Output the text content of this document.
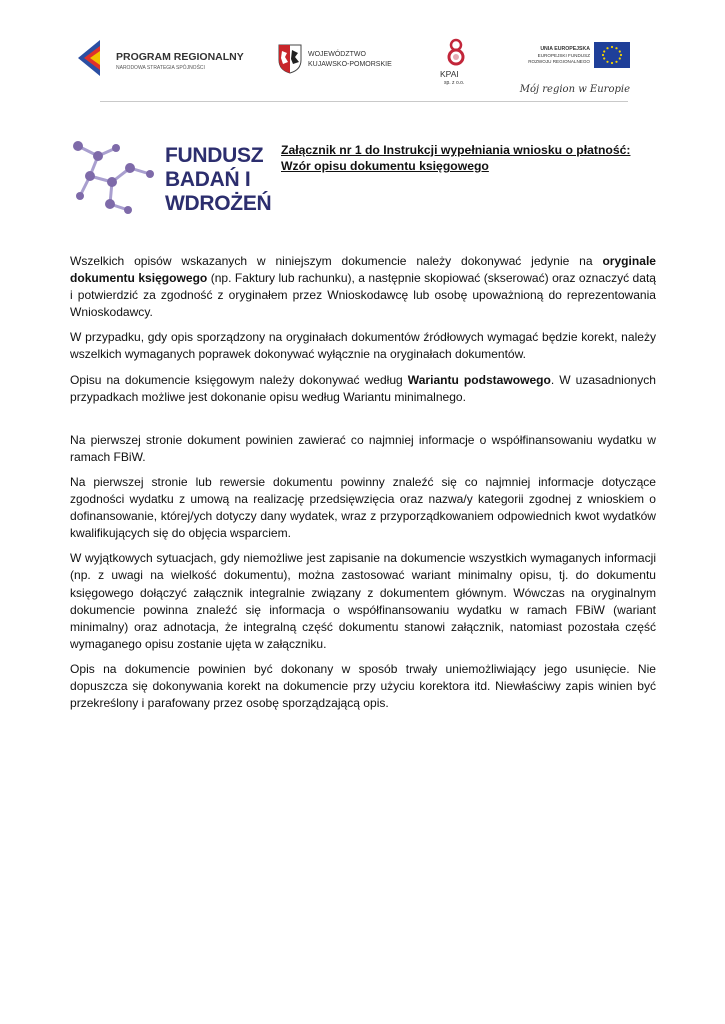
PROGRAM REGIONALNY
NARODOWA STRATEGIA SPÓJNOŚCI
WOJEWÓDZTWO
KUJAWSKO-POMORSKIE
KPAI
sp. z o.o.
UNIA EUROPEJSKA
EUROPEJSKI FUNDUSZ
ROZWOJU REGIONALNEGO
Mój region w Europie
FUNDUSZ
BADAŃ I
WDROŻEŃ
Załącznik nr 1 do Instrukcji wypełniania wniosku o płatność: Wzór opisu dokumentu księgowego

Wszelkich opisów wskazanych w niniejszym dokumencie należy dokonywać jedynie na oryginale dokumentu księgowego (np. Faktury lub rachunku), a następnie skopiować (skserować) oraz oznaczyć datą i potwierdzić za zgodność z oryginałem przez Wnioskodawcę lub osobę upoważnioną do reprezentowania Wnioskodawcy.

W przypadku, gdy opis sporządzony na oryginałach dokumentów źródłowych wymagać będzie korekt, należy wszelkich wymaganych poprawek dokonywać wyłącznie na oryginałach dokumentów.

Opisu na dokumencie księgowym należy dokonywać według Wariantu podstawowego. W uzasadnionych przypadkach możliwe jest dokonanie opisu według Wariantu minimalnego.

Na pierwszej stronie dokument powinien zawierać co najmniej informacje o współfinansowaniu wydatku w ramach FBiW.

Na pierwszej stronie lub rewersie dokumentu powinny znaleźć się co najmniej informacje dotyczące zgodności wydatku z umową na realizację przedsięwzięcia oraz nazwa/y kategorii zgodnej z wnioskiem o dofinansowanie, której/ych dotyczy dany wydatek, wraz z przyporządkowaniem odpowiednich kwot wydatków kwalifikujących się do objęcia wsparciem.

W wyjątkowych sytuacjach, gdy niemożliwe jest zapisanie na dokumencie wszystkich wymaganych informacji (np. z uwagi na wielkość dokumentu), można zastosować wariant minimalny opisu, tj. do dokumentu księgowego dołączyć załącznik integralnie związany z dokumentem głównym. Wówczas na oryginalnym dokumencie powinna znaleźć się informacja o współfinansowaniu wydatku w ramach FBiW (wariant minimalny) oraz adnotacja, że integralną część dokumentu stanowi załącznik, natomiast pozostała część wymaganego opisu zostanie ujęta w załączniku.

Opis na dokumencie powinien być dokonany w sposób trwały uniemożliwiający jego usunięcie. Nie dopuszcza się dokonywania korekt na dokumencie przy użyciu korektora itd. Niewłaściwy zapis winien być przekreślony i parafowany przez osobę sporządzającą opis.
